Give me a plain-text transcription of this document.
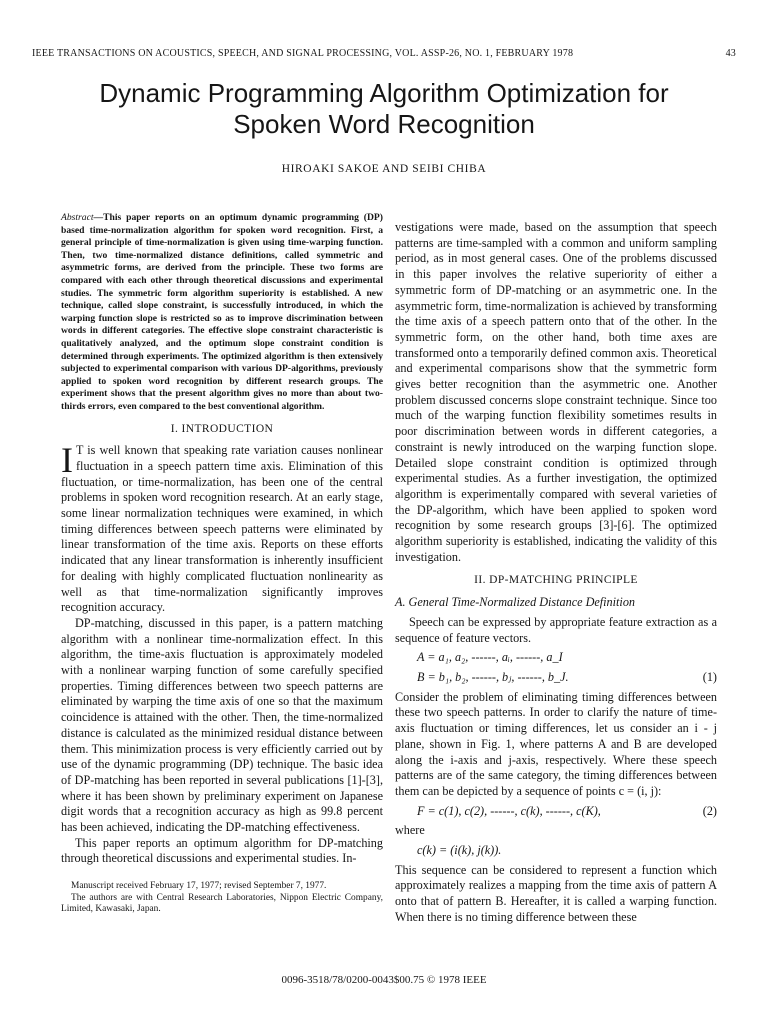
IEEE TRANSACTIONS ON ACOUSTICS, SPEECH, AND SIGNAL PROCESSING, VOL. ASSP-26, NO. 1, FEBRUARY 1978	43
Dynamic Programming Algorithm Optimization for
Spoken Word Recognition
HIROAKI SAKOE AND SEIBI CHIBA

Abstract—This paper reports on an optimum dynamic programming (DP) based time-normalization algorithm for spoken word recognition. First, a general principle of time-normalization is given using time-warping function. Then, two time-normalized distance definitions, called symmetric and asymmetric forms, are derived from the principle. These two forms are compared with each other through theoretical discussions and experimental studies. The symmetric form algorithm superiority is established. A new technique, called slope constraint, is successfully introduced, in which the warping function slope is restricted so as to improve discrimination between words in different categories. The effective slope constraint characteristic is qualitatively analyzed, and the optimum slope constraint condition is determined through experiments. The optimized algorithm is then extensively subjected to experimental comparison with various DP-algorithms, previously applied to spoken word recognition by different research groups. The experiment shows that the present algorithm gives no more than about two-thirds errors, even compared to the best conventional algorithm.

I. INTRODUCTION

I T is well known that speaking rate variation causes nonlinear fluctuation in a speech pattern time axis. Elimination of this fluctuation, or time-normalization, has been one of the central problems in spoken word recognition research. At an early stage, some linear normalization techniques were examined, in which timing differences between speech patterns were eliminated by linear transformation of the time axis. Reports on these efforts indicated that any linear transformation is inherently insufficient for dealing with highly complicated fluctuation nonlinearity as well as that time-normalization significantly improves recognition accuracy.

DP-matching, discussed in this paper, is a pattern matching algorithm with a nonlinear time-normalization effect. In this algorithm, the time-axis fluctuation is approximately modeled with a nonlinear warping function of some carefully specified properties. Timing differences between two speech patterns are eliminated by warping the time axis of one so that the maximum coincidence is attained with the other. Then, the time-normalized distance is calculated as the minimized residual distance between them. This minimization process is very efficiently carried out by use of the dynamic programming (DP) technique. The basic idea of DP-matching has been reported in several publications [1]-[3], where it has been shown by preliminary experiment on Japanese digit words that a recognition accuracy as high as 99.8 percent has been achieved, indicating the DP-matching effectiveness.

This paper reports an optimum algorithm for DP-matching through theoretical discussions and experimental studies. In-

Manuscript received February 17, 1977; revised September 7, 1977.

The authors are with Central Research Laboratories, Nippon Electric Company, Limited, Kawasaki, Japan.

vestigations were made, based on the assumption that speech patterns are time-sampled with a common and uniform sampling period, as in most general cases. One of the problems discussed in this paper involves the relative superiority of either a symmetric form of DP-matching or an asymmetric one. In the asymmetric form, time-normalization is achieved by transforming the time axis of a speech pattern onto that of the other. In the symmetric form, on the other hand, both time axes are transformed onto a temporarily defined common axis. Theoretical and experimental comparisons show that the symmetric form gives better recognition than the asymmetric one. Another problem discussed concerns slope constraint technique. Since too much of the warping function flexibility sometimes results in poor discrimination between words in different categories, a constraint is newly introduced on the warping function slope. Detailed slope constraint condition is optimized through experimental studies. As a further investigation, the optimized algorithm is experimentally compared with several varieties of the DP-algorithm, which have been applied to spoken word recognition by some research groups [3]-[6]. The optimized algorithm superiority is established, indicating the validity of this investigation.

II. DP-MATCHING PRINCIPLE
A. General Time-Normalized Distance Definition

Speech can be expressed by appropriate feature extraction as a sequence of feature vectors.

A = a₁, a₂, ------, aᵢ, ------, a_I
B = b₁, b₂, ------, bⱼ, ------, b_J.	(1)

Consider the problem of eliminating timing differences between these two speech patterns. In order to clarify the nature of time-axis fluctuation or timing differences, let us consider an i - j plane, shown in Fig. 1, where patterns A and B are developed along the i-axis and j-axis, respectively. Where these speech patterns are of the same category, the timing differences between them can be depicted by a sequence of points c = (i, j):

F = c(1), c(2), ------, c(k), ------, c(K),	(2)

where

c(k) = (i(k), j(k)).

This sequence can be considered to represent a function which approximately realizes a mapping from the time axis of pattern A onto that of pattern B. Hereafter, it is called a warping function. When there is no timing difference between these

0096-3518/78/0200-0043$00.75 © 1978 IEEE
